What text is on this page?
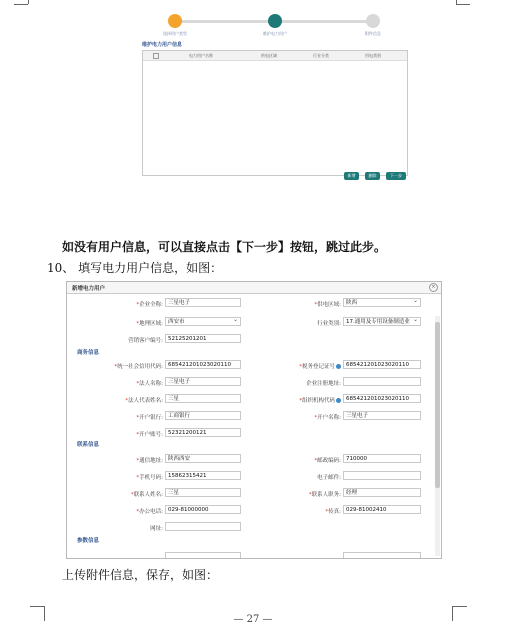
选择用户类型	维护电力用户	附件信息
维护电力用户信息
电力用户名称	供电区域	行业分类	用电类别
新增	删除	下一步
如没有用户信息，可以直接点击【下一步】按钮，跳过此步。
10、 填写电力用户信息，如图：
新增电力用户	×
*企业全称: 三星电子	*供电区域: 陕西 ⌄
*地理区域: 西安市 ⌄	行业类别: 17.通用及专用设备制造业 ⌄
营销客户编号: 52125201201
商务信息
*统一社会信用代码: 685421201023020110	*税务登记证号	685421201023020110
*法人名称: 三星电子	企业注册地址:
*法人代表姓名: 三星	*组织机构代码	685421201023020110
*开户银行: 工商银行	*开户名称: 三星电子
*开户账号: 52321200121
联系信息
*通信地址: 陕西西安	*邮政编码: 710000
*手机号码: 15862315421	电子邮件:
*联系人姓名: 三星	*联系人职务: 经理
*办公电话: 029-81000000	*传真: 029-81002410
网址:
参数信息
上传附件信息，保存，如图：
— 27 —
